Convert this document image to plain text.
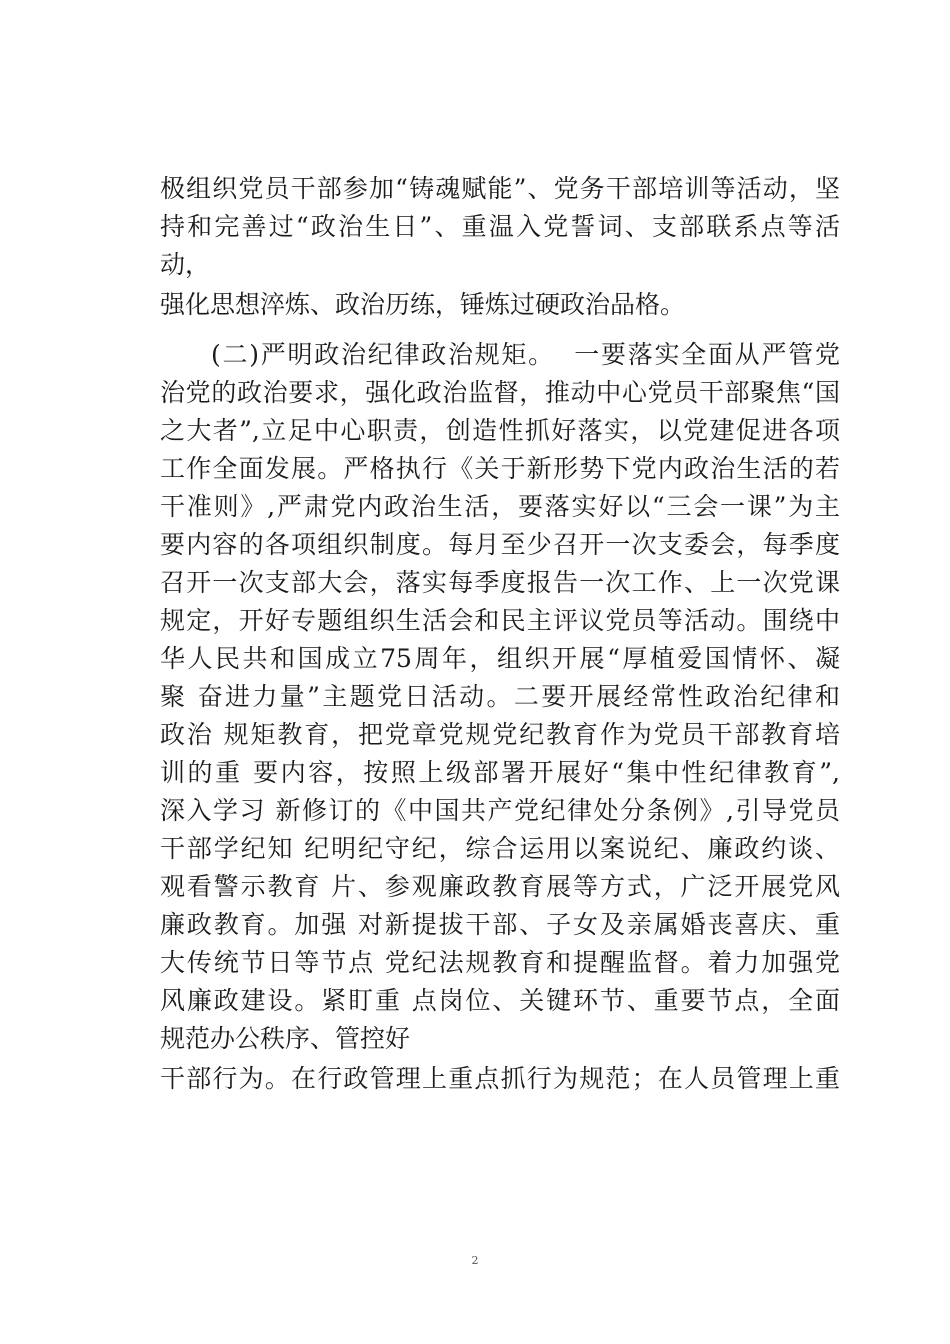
极组织党员干部参加“铸魂赋能”、党务干部培训等活动，坚
持和完善过“政治生日”、重温入党誓词、支部联系点等活
动，
强化思想淬炼、政治历练，锤炼过硬政治品格。
(二)严明政治纪律政治规矩。  一要落实全面从严管党
治党的政治要求，强化政治监督，推动中心党员干部聚焦“国
之大者”,立足中心职责，创造性抓好落实，以党建促进各项
工作全面发展。严格执行《关于新形势下党内政治生活的若
干准则》,严肃党内政治生活，要落实好以“三会一课”为主
要内容的各项组织制度。每月至少召开一次支委会，每季度
召开一次支部大会，落实每季度报告一次工作、上一次党课
规定，开好专题组织生活会和民主评议党员等活动。围绕中
华人民共和国成立75周年，组织开展“厚植爱国情怀、凝
聚 奋进力量”主题党日活动。二要开展经常性政治纪律和
政治 规矩教育，把党章党规党纪教育作为党员干部教育培
训的重 要内容，按照上级部署开展好“集中性纪律教育”,
深入学习 新修订的《中国共产党纪律处分条例》,引导党员
干部学纪知 纪明纪守纪，综合运用以案说纪、廉政约谈、
观看警示教育 片、参观廉政教育展等方式，广泛开展党风
廉政教育。加强 对新提拔干部、子女及亲属婚丧喜庆、重
大传统节日等节点 党纪法规教育和提醒监督。着力加强党
风廉政建设。紧盯重 点岗位、关键环节、重要节点，全面
规范办公秩序、管控好
干部行为。在行政管理上重点抓行为规范；在人员管理上重
2
